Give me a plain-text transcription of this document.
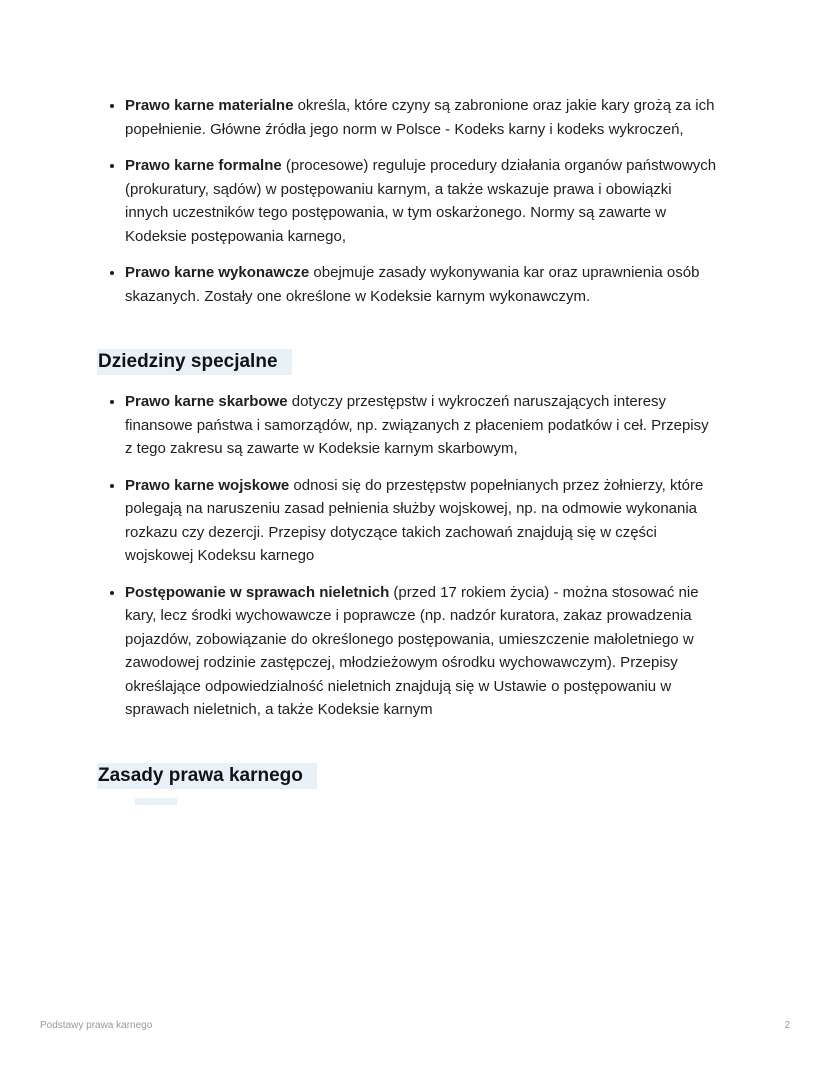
• Prawo karne materialne określa, które czyny są zabronione oraz jakie kary grożą za ich popełnienie. Główne źródła jego norm w Polsce - Kodeks karny i kodeks wykroczeń,
• Prawo karne formalne (procesowe) reguluje procedury działania organów państwowych (prokuratury, sądów) w postępowaniu karnym, a także wskazuje prawa i obowiązki innych uczestników tego postępowania, w tym oskarżonego. Normy są zawarte w Kodeksie postępowania karnego,
• Prawo karne wykonawcze obejmuje zasady wykonywania kar oraz uprawnienia osób skazanych. Zostały one określone w Kodeksie karnym wykonawczym.
Dziedziny specjalne
• Prawo karne skarbowe dotyczy przestępstw i wykroczeń naruszających interesy finansowe państwa i samorządów, np. związanych z płaceniem podatków i ceł. Przepisy z tego zakresu są zawarte w Kodeksie karnym skarbowym,
• Prawo karne wojskowe odnosi się do przestępstw popełnianych przez żołnierzy, które polegają na naruszeniu zasad pełnienia służby wojskowej, np. na odmowie wykonania rozkazu czy dezercji. Przepisy dotyczące takich zachowań znajdują się w części wojskowej Kodeksu karnego
• Postępowanie w sprawach nieletnich (przed 17 rokiem życia) - można stosować nie kary, lecz środki wychowawcze i poprawcze (np. nadzór kuratora, zakaz prowadzenia pojazdów, zobowiązanie do określonego postępowania, umieszczenie małoletniego w zawodowej rodzinie zastępczej, młodzieżowym ośrodku wychowawczym). Przepisy określające odpowiedzialność nieletnich znajdują się w Ustawie o postępowaniu w sprawach nieletnich, a także Kodeksie karnym
Zasady prawa karnego
Podstawy prawa karnego	2
